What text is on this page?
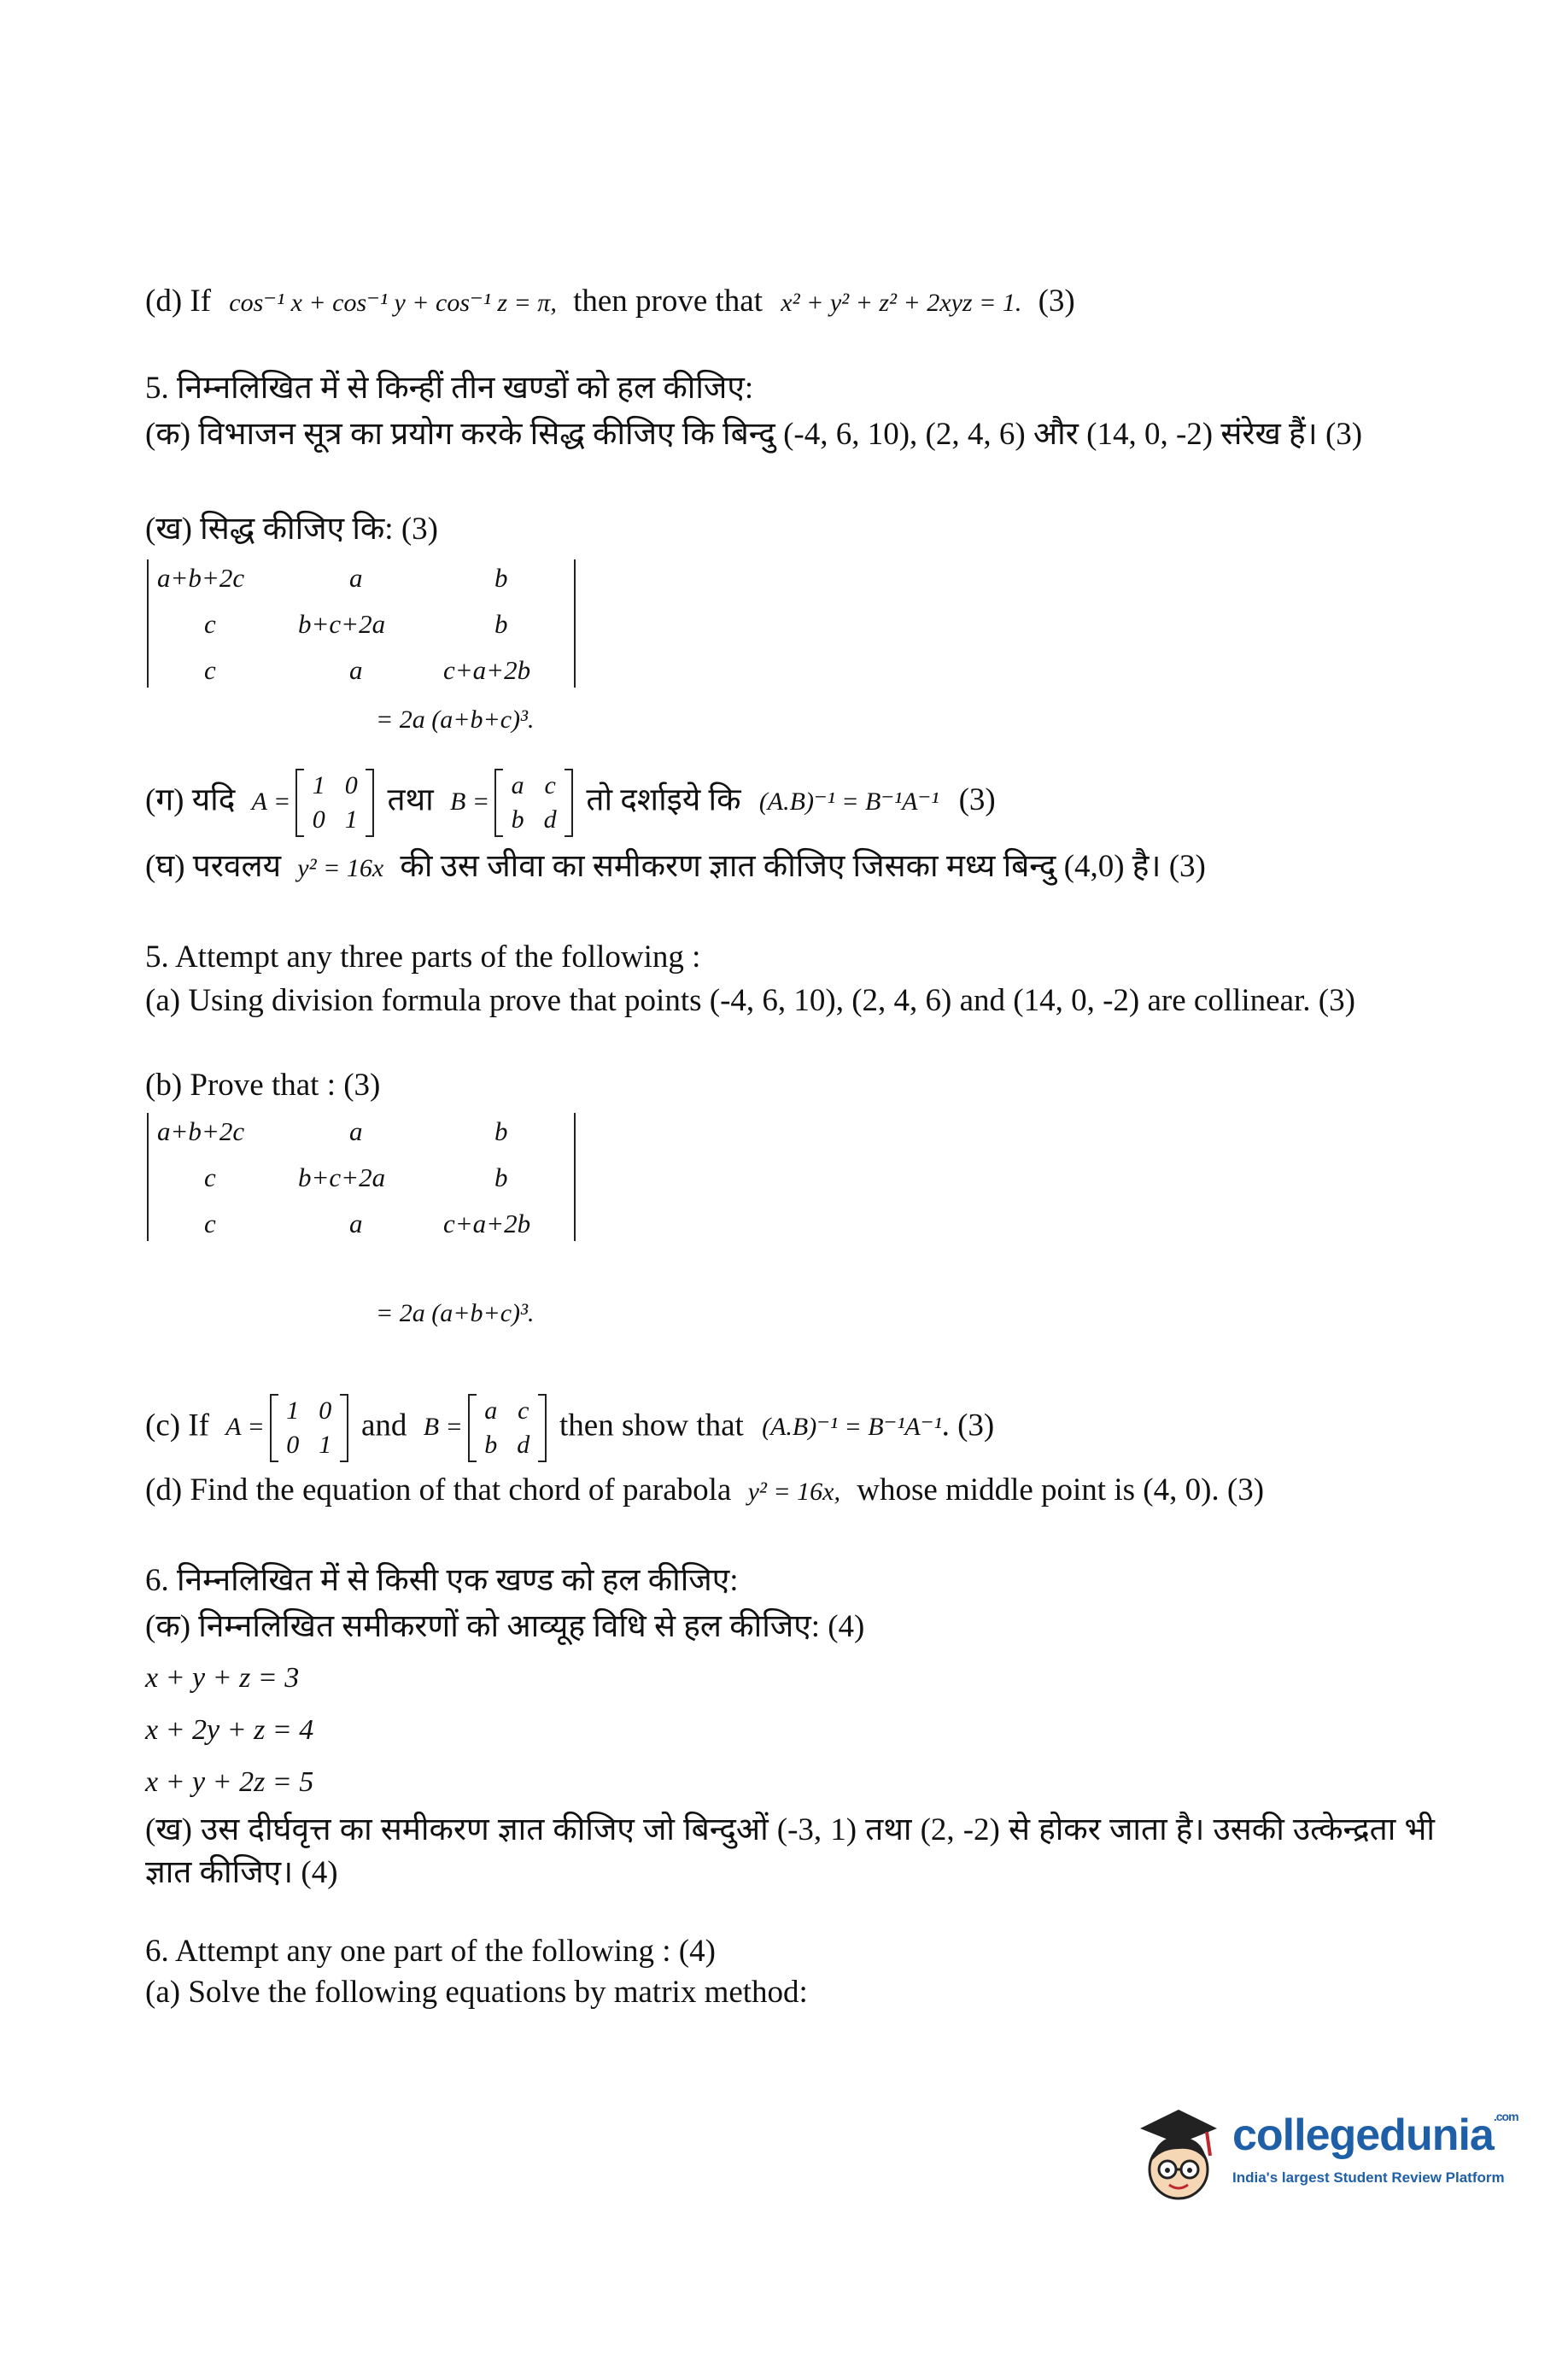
(d) If cos⁻¹ x + cos⁻¹ y + cos⁻¹ z = π, then prove that x² + y² + z² + 2xyz = 1. (3)
5. निम्नलिखित में से किन्हीं तीन खण्डों को हल कीजिए:
(क) विभाजन सूत्र का प्रयोग करके सिद्ध कीजिए कि बिन्दु (-4, 6, 10), (2, 4, 6) और (14, 0, -2) संरेख हैं। (3)
(ख) सिद्ध कीजिए कि: (3)
a+b+2c	a	b
c	b+c+2a	b
c	a	c+a+2b
= 2a (a+b+c)³.
(ग) यदि A =1 0
0 1 तथा B =a c
b d तो दर्शाइये कि (A.B)⁻¹ = B⁻¹A⁻¹ (3)
(घ) परवलय y² = 16x की उस जीवा का समीकरण ज्ञात कीजिए जिसका मध्य बिन्दु (4,0) है। (3)
5. Attempt any three parts of the following :
(a) Using division formula prove that points (-4, 6, 10), (2, 4, 6) and (14, 0, -2) are collinear. (3)
(b) Prove that : (3)
a+b+2c	a	b
c	b+c+2a	b
c	a	c+a+2b
= 2a (a+b+c)³.
(c) If A =1 0
0 1 and B =a c
b d then show that (A.B)⁻¹ = B⁻¹A⁻¹. (3)
(d) Find the equation of that chord of parabola y² = 16x, whose middle point is (4, 0). (3)
6. निम्नलिखित में से किसी एक खण्ड को हल कीजिए:
(क) निम्नलिखित समीकरणों को आव्यूह विधि से हल कीजिए: (4)
x + y + z = 3
x + 2y + z = 4
x + y + 2z = 5
(ख) उस दीर्घवृत्त का समीकरण ज्ञात कीजिए जो बिन्दुओं (-3, 1) तथा (2, -2) से होकर जाता है। उसकी उत्केन्द्रता भी ज्ञात कीजिए। (4)
6. Attempt any one part of the following : (4)
(a) Solve the following equations by matrix method:
collegedunia$^{.com}$
India's largest Student Review Platform
